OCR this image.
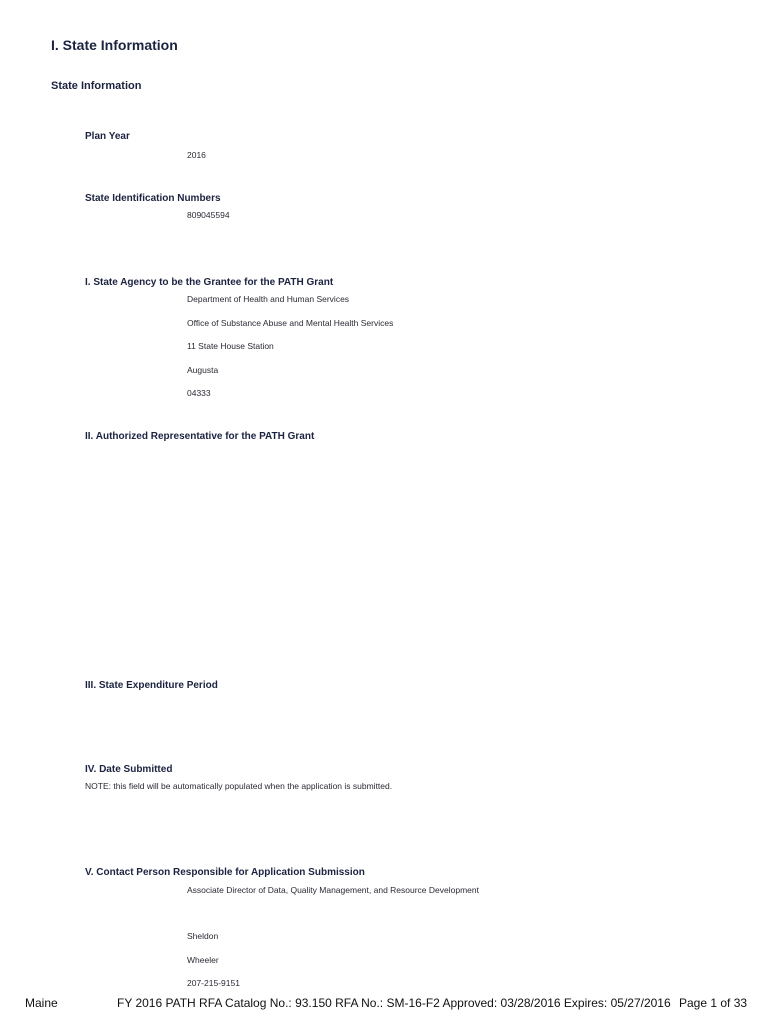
I. State Information
State Information
Plan Year
2016
State Identification Numbers
809045594
I. State Agency to be the Grantee for the PATH Grant
Department of Health and Human Services
Office of Substance Abuse and Mental Health Services
11 State House Station
Augusta
04333
II. Authorized Representative for the PATH Grant
III. State Expenditure Period
IV. Date Submitted
NOTE: this field will be automatically populated when the application is submitted.
V. Contact Person Responsible for Application Submission
Associate Director of Data, Quality Management, and Resource Development
Sheldon
Wheeler
207-215-9151
Maine	FY 2016 PATH RFA Catalog No.: 93.150 RFA No.: SM-16-F2 Approved: 03/28/2016 Expires: 05/27/2016 Page 1 of 33
